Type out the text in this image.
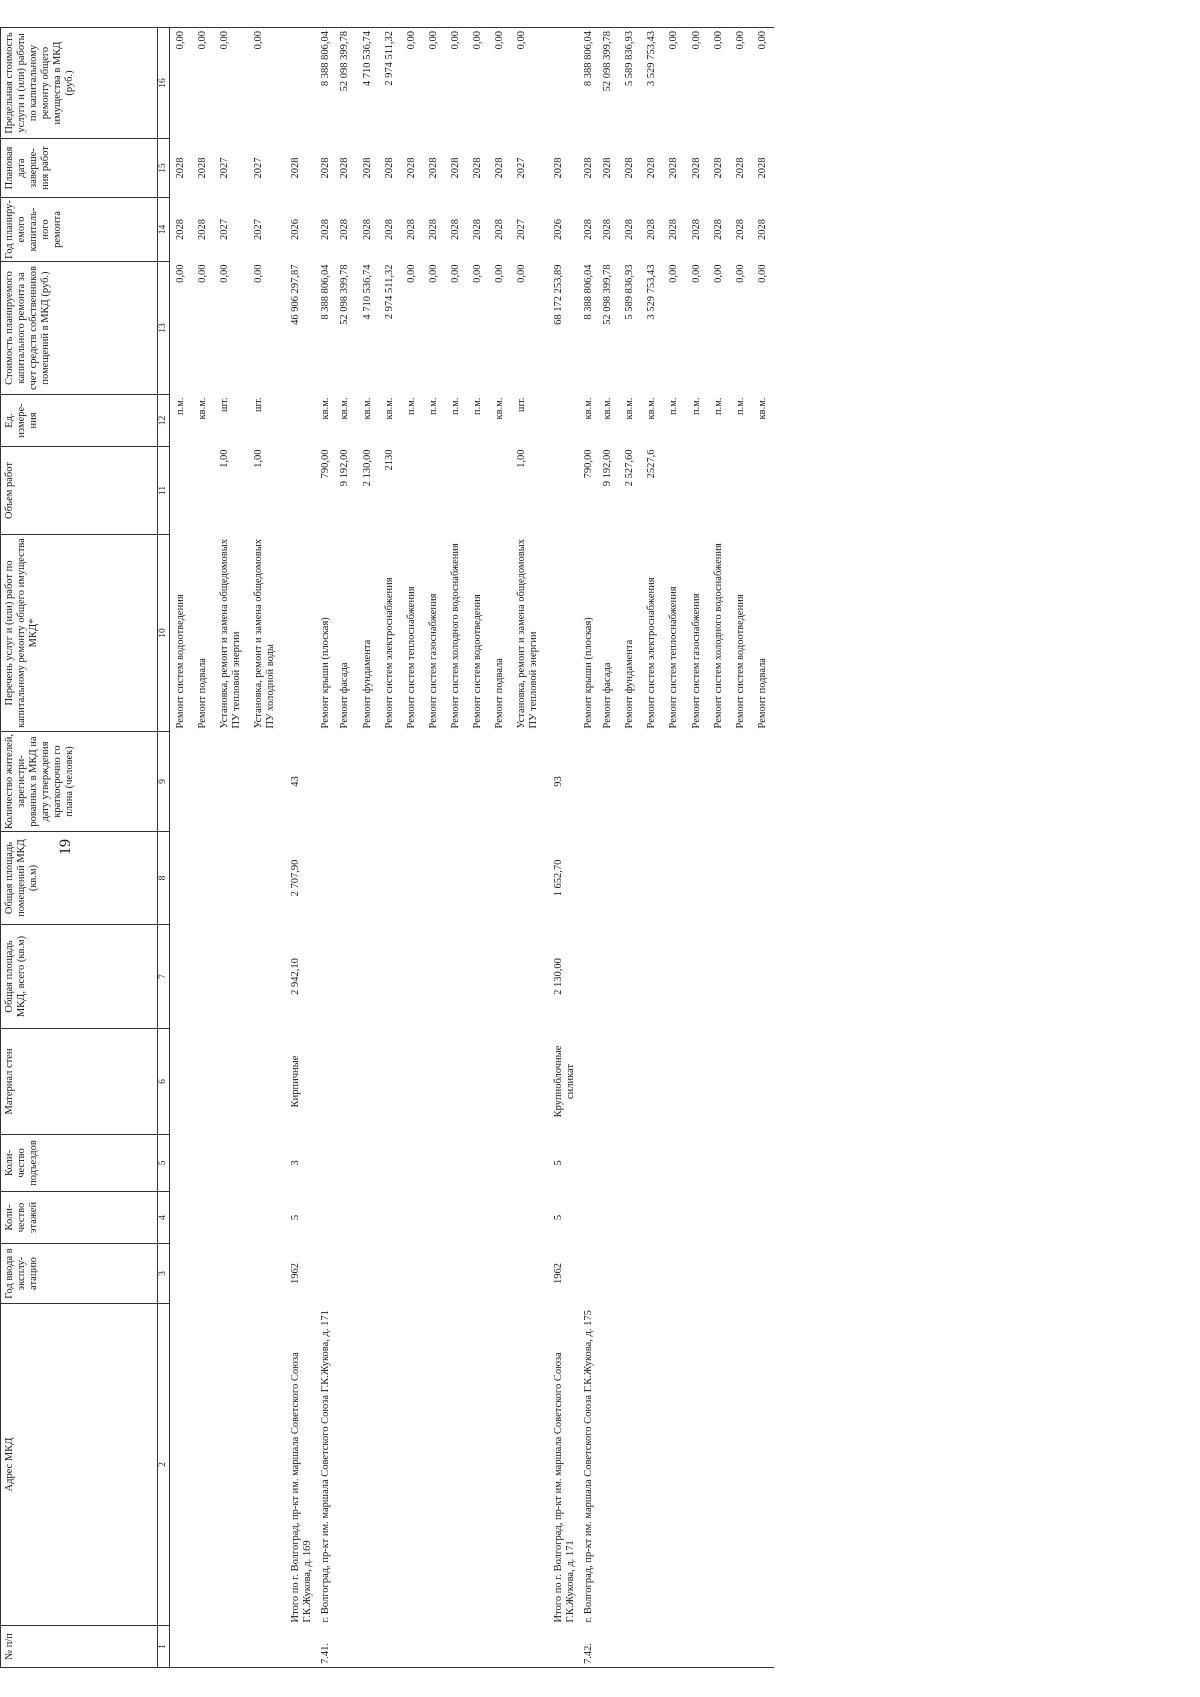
19
№ п/п	Адрес МКД	Год ввода в эксплу-атацию	Коли-чество этажей	Коли-чество подъездов	Материал стен	Общая площадь МКД, всего (кв.м)	Общая площадь помещений МКД (кв.м)	Количество жителей, зарегистри-рованных в МКД на дату утверждения краткосрочно го плана (человек)	Перечень услуг и (или) работ по капитальному ремонту общего имущества МКД*	Объем работ	Ед. измере-ния	Стоимость планируемого капитального ремонта за счет средств собственников помещений в МКД (руб.)	Год планиру-емого капиталь-ного ремонта	Плановая дата заверше-ния работ	Предельная стоимость услуги и (или) работы по капитальному ремонту общего имущества в МКД (руб.)
1	2	3	4	5	6	7	8	9	10	11	12	13	14	15	16
									Ремонт систем водоотведения		п.м.	0,00	2028	2028	0,00
									Ремонт подвала		кв.м.	0,00	2028	2028	0,00
									Установка, ремонт и замена общедомовых ПУ тепловой энергии	1,00	шт.	0,00	2027	2027	0,00
									Установка, ремонт и замена общедомовых ПУ холодной воды	1,00	шт.	0,00	2027	2027	0,00
	Итого по г. Волгоград, пр-кт им. маршала Советского Союза Г.К.Жукова, д. 169	1962	5	3	Кирпичные	2 942,10	2 707,90	43				46 906 297,87	2026	2028	
7.41.	г. Волгоград, пр-кт им. маршала Советского Союза Г.К.Жукова, д. 171								Ремонт крыши (плоская)	790,00	кв.м.	8 388 806,04	2028	2028	8 388 806,04
									Ремонт фасада	9 192,00	кв.м.	52 098 399,78	2028	2028	52 098 399,78
									Ремонт фундамента	2 130,00	кв.м.	4 710 536,74	2028	2028	4 710 536,74
									Ремонт систем электроснабжения	2130	кв.м.	2 974 511,32	2028	2028	2 974 511,32
									Ремонт систем теплоснабжения		п.м.	0,00	2028	2028	0,00
									Ремонт систем газоснабжения		п.м.	0,00	2028	2028	0,00
									Ремонт систем холодного водоснабжения		п.м.	0,00	2028	2028	0,00
									Ремонт систем водоотведения		п.м.	0,00	2028	2028	0,00
									Ремонт подвала		кв.м.	0,00	2028	2028	0,00
									Установка, ремонт и замена общедомовых ПУ тепловой энергии	1,00	шт.	0,00	2027	2027	0,00
	Итого по г. Волгоград, пр-кт им. маршала Советского Союза Г.К.Жукова, д. 171	1962	5	5	Крупноблочные силикат	2 130,00	1 652,70	93				68 172 253,89	2026	2028	
7.42.	г. Волгоград, пр-кт им. маршала Советского Союза Г.К.Жукова, д. 175								Ремонт крыши (плоская)	790,00	кв.м.	8 388 806,04	2028	2028	8 388 806,04
									Ремонт фасада	9 192,00	кв.м.	52 098 399,78	2028	2028	52 098 399,78
									Ремонт фундамента	2 527,60	кв.м.	5 589 836,93	2028	2028	5 589 836,93
									Ремонт систем электроснабжения	2527,6	кв.м.	3 529 753,43	2028	2028	3 529 753,43
									Ремонт систем теплоснабжения		п.м.	0,00	2028	2028	0,00
									Ремонт систем газоснабжения		п.м.	0,00	2028	2028	0,00
									Ремонт систем холодного водоснабжения		п.м.	0,00	2028	2028	0,00
									Ремонт систем водоотведения		п.м.	0,00	2028	2028	0,00
									Ремонт подвала		кв.м.	0,00	2028	2028	0,00
